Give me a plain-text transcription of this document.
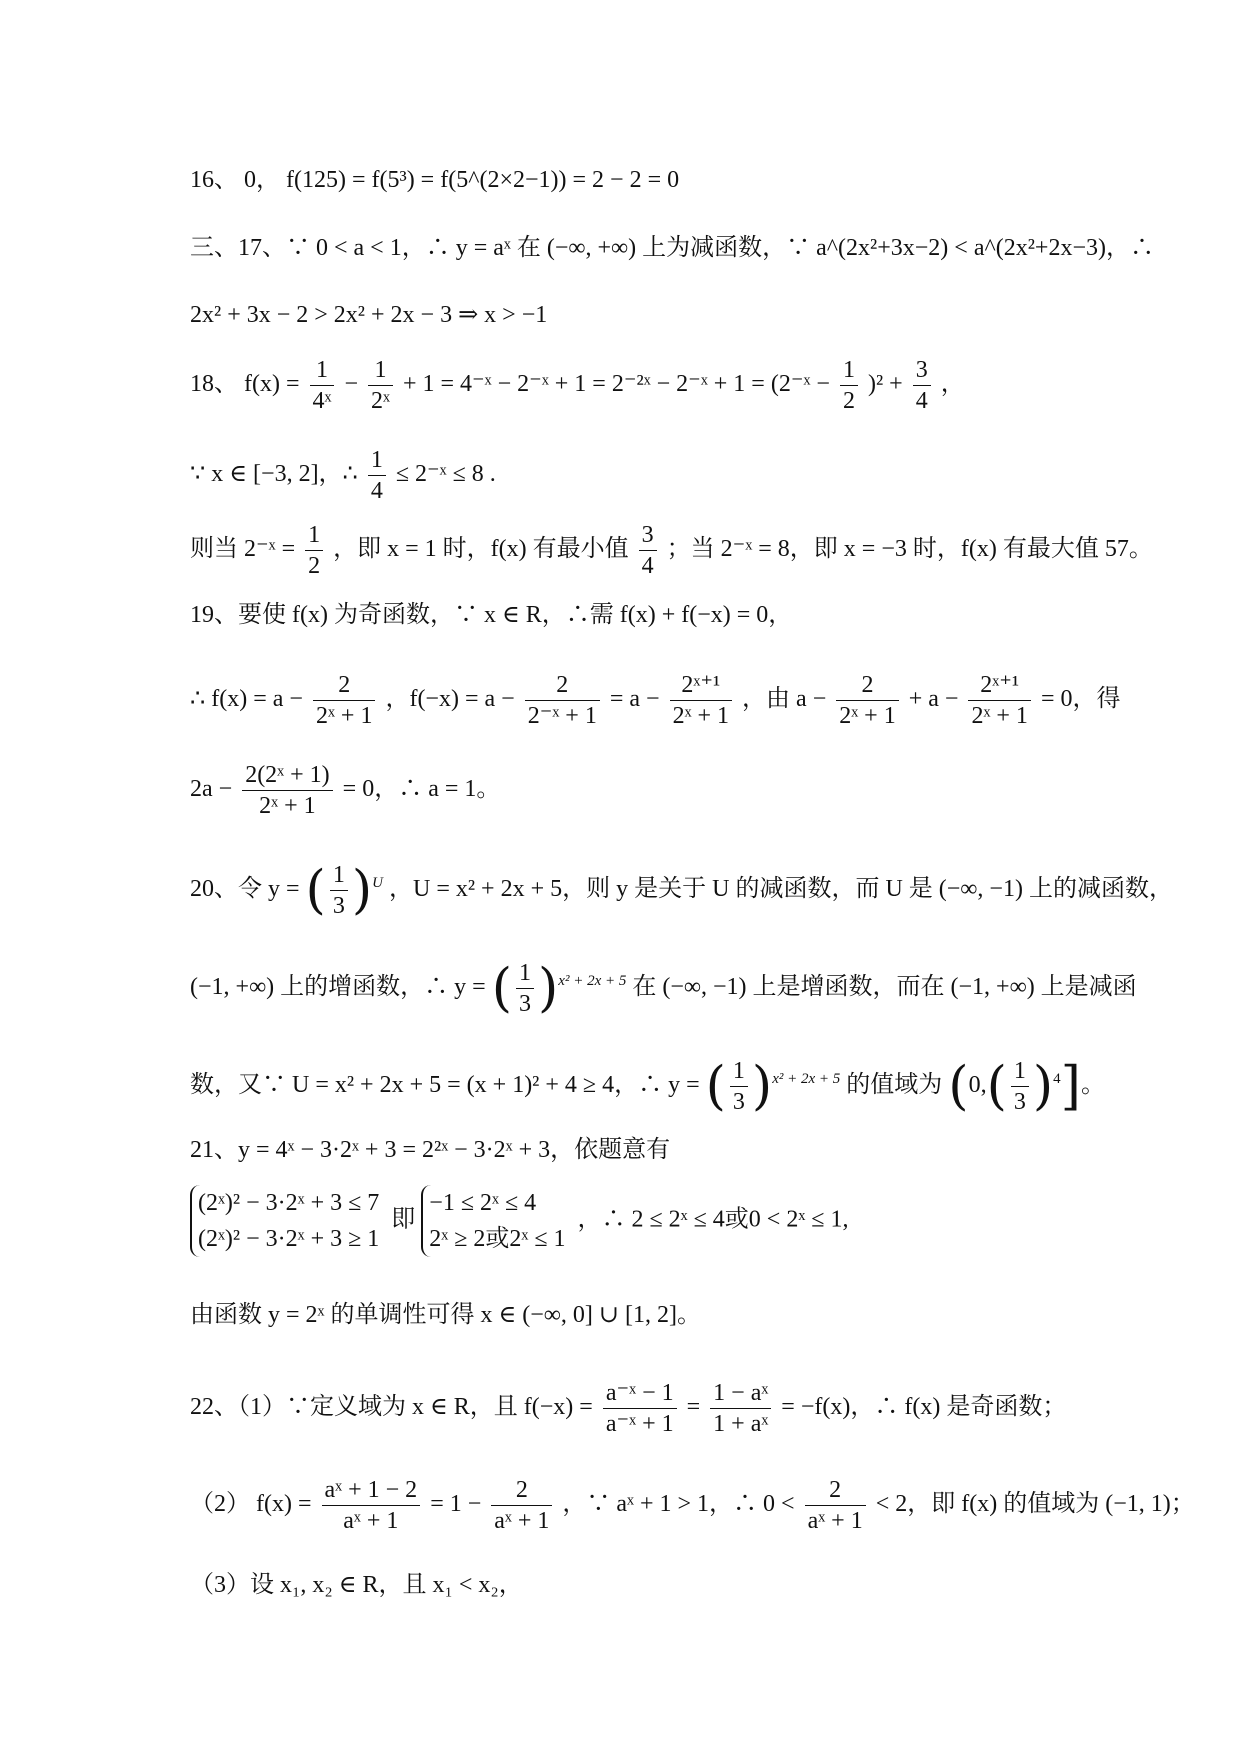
16、 0， f(125) = f(5³) = f(5^(2×2−1)) = 2 − 2 = 0
三、17、∵ 0 < a < 1，∴ y = aˣ 在 (−∞, +∞) 上为减函数，∵ a^(2x²+3x−2) < a^(2x²+2x−3)，∴
2x² + 3x − 2 > 2x² + 2x − 3 ⇒ x > −1
18、 $f(x) = \frac{1}{\text{4ˣ}} - \frac{1}{\text{2ˣ}} + 1$ = 4⁻ˣ − 2⁻ˣ + 1 = 2⁻²ˣ − 2⁻ˣ + 1 = (2⁻ˣ − $\frac{1}{2} )^2 + \frac{3}{4}$ ，
∵ x ∈ [−3, 2]，∴ $\frac{1}{4}$ ≤ 2⁻ˣ ≤ 8 .
则当 2⁻ˣ = $\frac{1}{2}$ ，即 x = 1 时，f(x) 有最小值 $\frac{3}{4}$ ；当 2⁻ˣ = 8，即 x = −3 时，f(x) 有最大值 57。
19、要使 f(x) 为奇函数，∵ x ∈ R，∴需 f(x) + f(−x) = 0，
∴ $f(x) = a - \frac{2}{\text{2ˣ + 1}}$ ，$f(-x) = a - \frac{2}{\text{2⁻ˣ + 1}} = a - \frac{\text{2ˣ⁺¹}}{\text{2ˣ + 1}}$ ，由 $a - \frac{2}{\text{2ˣ + 1}} + a - \frac{\text{2ˣ⁺¹}}{\text{2ˣ + 1}} = 0$，得
$2a - \frac{\text{2(2ˣ + 1)}}{\text{2ˣ + 1}} = 0$，∴ a = 1。
20、令 y = ( $\frac{1}{3} )^U$ ，U = x² + 2x + 5，则 y 是关于 U 的减函数，而 U 是 (−∞, −1) 上的减函数，
(−1, +∞) 上的增函数，∴ y = ( $\frac{1}{3} )^{x^2 + 2x + 5}$ 在 (−∞, −1) 上是增函数，而在 (−1, +∞) 上是减函
数，又∵ U = x² + 2x + 5 = (x + 1)² + 4 ≥ 4，∴ y = ( $\frac{1}{3} )^{x^2 + 2x + 5}$ 的值域为 $(0,( \frac{1}{3} )^4]$。
21、y = 4ˣ − 3·2ˣ + 3 = 2²ˣ − 3·2ˣ + 3，依题意有
(2ˣ)² − 3·2ˣ + 3 ≤ 7
(2ˣ)² − 3·2ˣ + 3 ≥ 1
即
−1 ≤ 2ˣ ≤ 4
2ˣ ≥ 2或2ˣ ≤ 1
，∴ 2 ≤ 2ˣ ≤ 4或0 < 2ˣ ≤ 1,
由函数 y = 2ˣ 的单调性可得 x ∈ (−∞, 0] ∪ [1, 2]。
22、（1）∵定义域为 x ∈ R，且 $f(-x) = \frac{\text{a⁻ˣ − 1}}{\text{a⁻ˣ + 1}} = \frac{\text{1 − aˣ}}{\text{1 + aˣ}} = -f(x)$，∴ f(x) 是奇函数；
（2） $f(x) = \frac{\text{aˣ + 1 − 2}}{\text{aˣ + 1}} = 1 - \frac{2}{\text{aˣ + 1}}$ ，∵ aˣ + 1 > 1，∴ $0 < \frac{2}{\text{aˣ + 1}} < 2$，即 f(x) 的值域为 (−1, 1)；
（3）设 x₁, x₂ ∈ R，且 x₁ < x₂，
